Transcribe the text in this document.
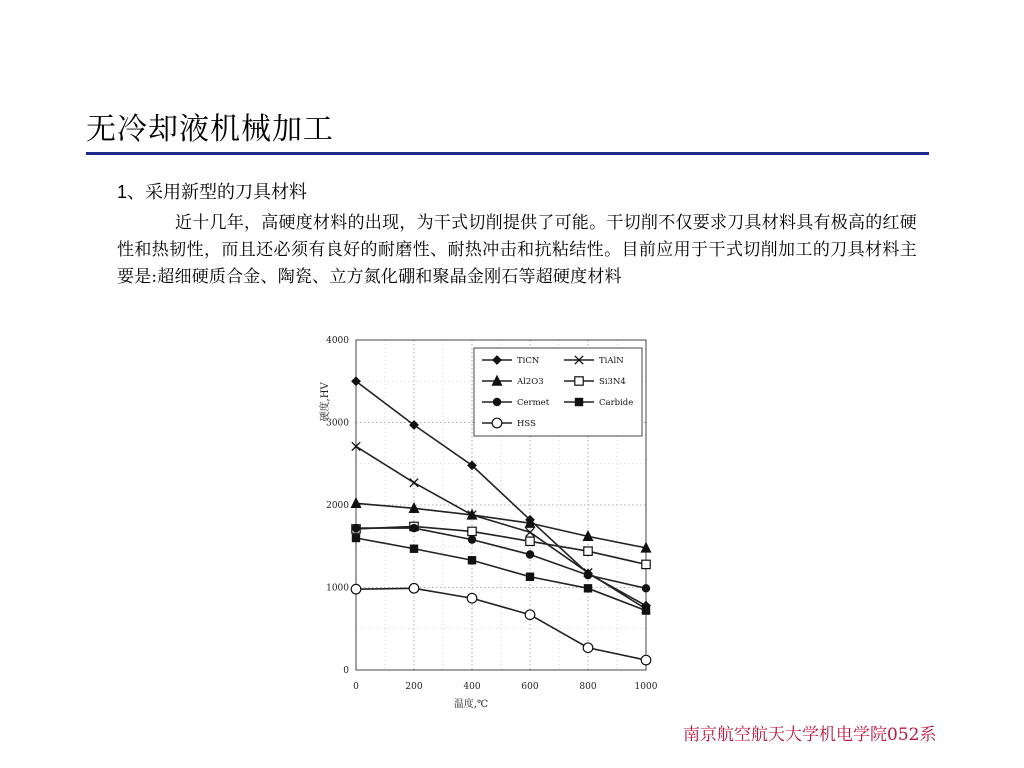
无冷却液机械加工
1、采用新型的刀具材料
近十几年，高硬度材料的出现，为干式切削提供了可能。干切削不仅要求刀具材料具有极高的红硬性和热韧性，而且还必须有良好的耐磨性、耐热冲击和抗粘结性。目前应用于干式切削加工的刀具材料主要是:超细硬质合金、陶瓷、立方氮化硼和聚晶金刚石等超硬度材料
0	200	400	600	800	1000
0
1000
2000
3000
4000
温度,℃
硬度,HV
TiCN	TiAlN
Al2O3	Si3N4
Cermet	Carbide
HSS
南京航空航天大学机电学院052系
